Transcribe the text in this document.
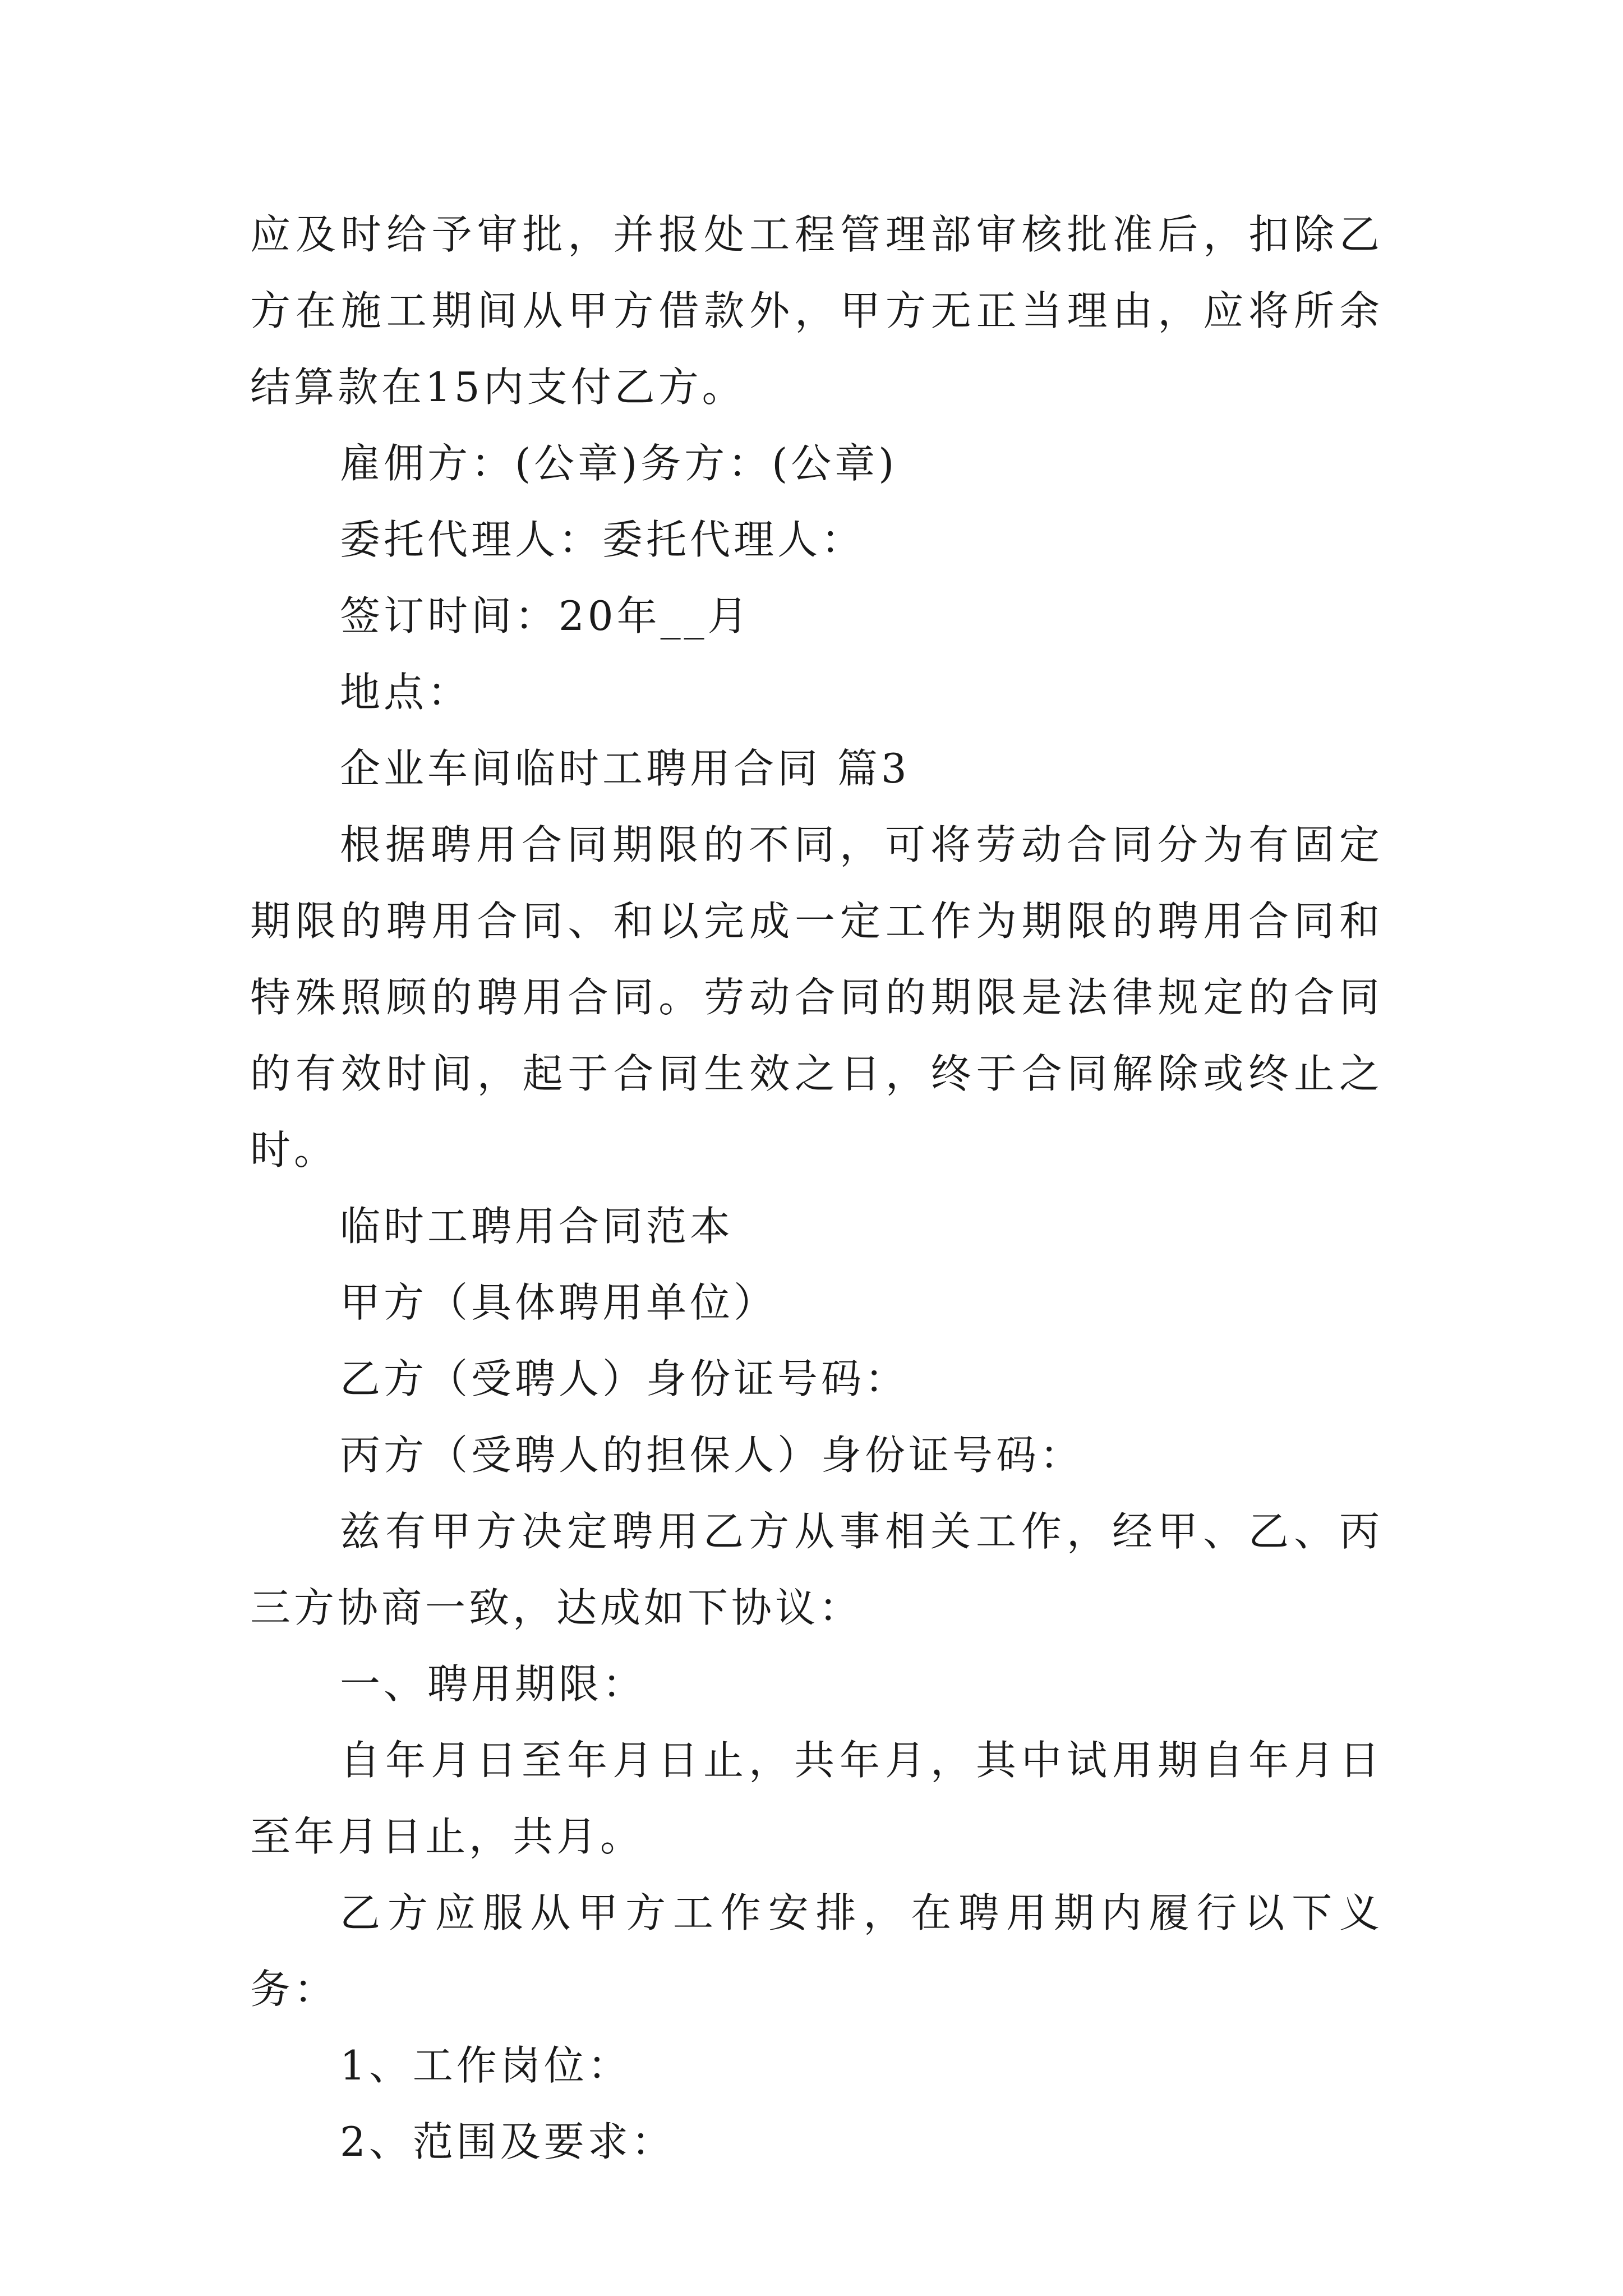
应及时给予审批，并报处工程管理部审核批准后，扣除乙方在施工期间从甲方借款外，甲方无正当理由，应将所余结算款在15内支付乙方。

雇佣方：(公章)务方：(公章)

委托代理人：委托代理人：

签订时间：20年__月

地点：

企业车间临时工聘用合同 篇3

根据聘用合同期限的不同，可将劳动合同分为有固定期限的聘用合同、和以完成一定工作为期限的聘用合同和特殊照顾的聘用合同。劳动合同的期限是法律规定的合同的有效时间，起于合同生效之日，终于合同解除或终止之时。

临时工聘用合同范本

甲方（具体聘用单位）

乙方（受聘人）身份证号码：

丙方（受聘人的担保人）身份证号码：

兹有甲方决定聘用乙方从事相关工作，经甲、乙、丙三方协商一致，达成如下协议：

一、聘用期限：

自年月日至年月日止，共年月，其中试用期自年月日至年月日止，共月。

乙方应服从甲方工作安排，在聘用期内履行以下义务：

1、工作岗位：

2、范围及要求：
